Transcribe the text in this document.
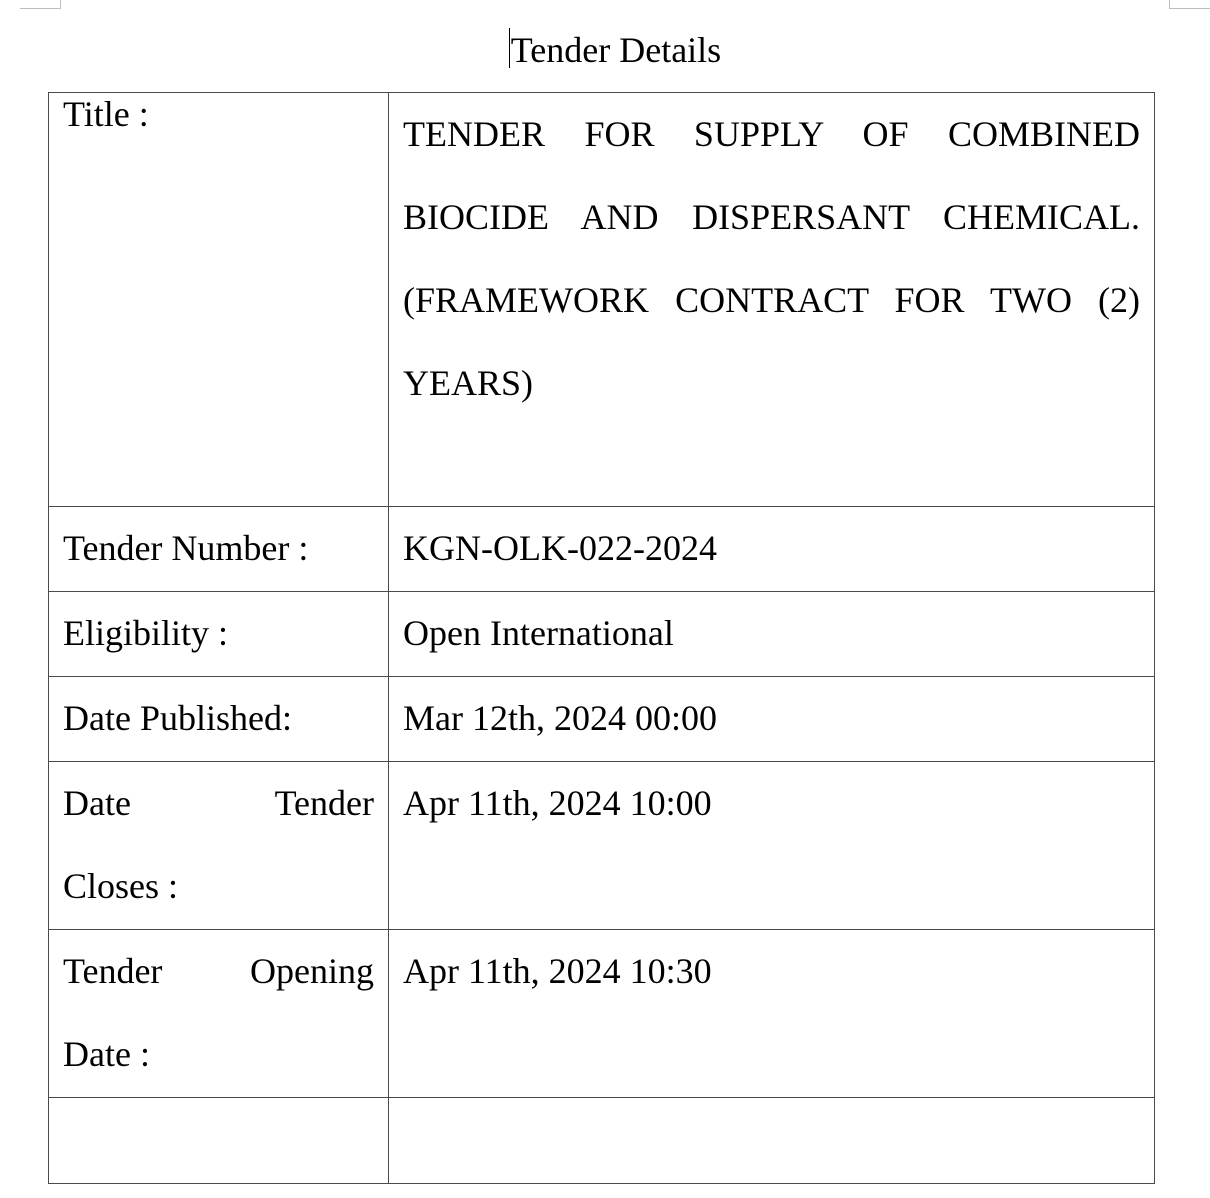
Tender Details
Title :	TENDER FOR SUPPLY OF COMBINED
BIOCIDE AND DISPERSANT CHEMICAL.
(FRAMEWORK CONTRACT FOR TWO (2)
YEARS)

Tender Number :	KGN-OLK-022-2024
Eligibility :	Open International
Date Published:	Mar 12th, 2024 00:00

Date Tender
Closes :	Apr 11th, 2024 10:00

Tender Opening
Date :	Apr 11th, 2024 10:30
